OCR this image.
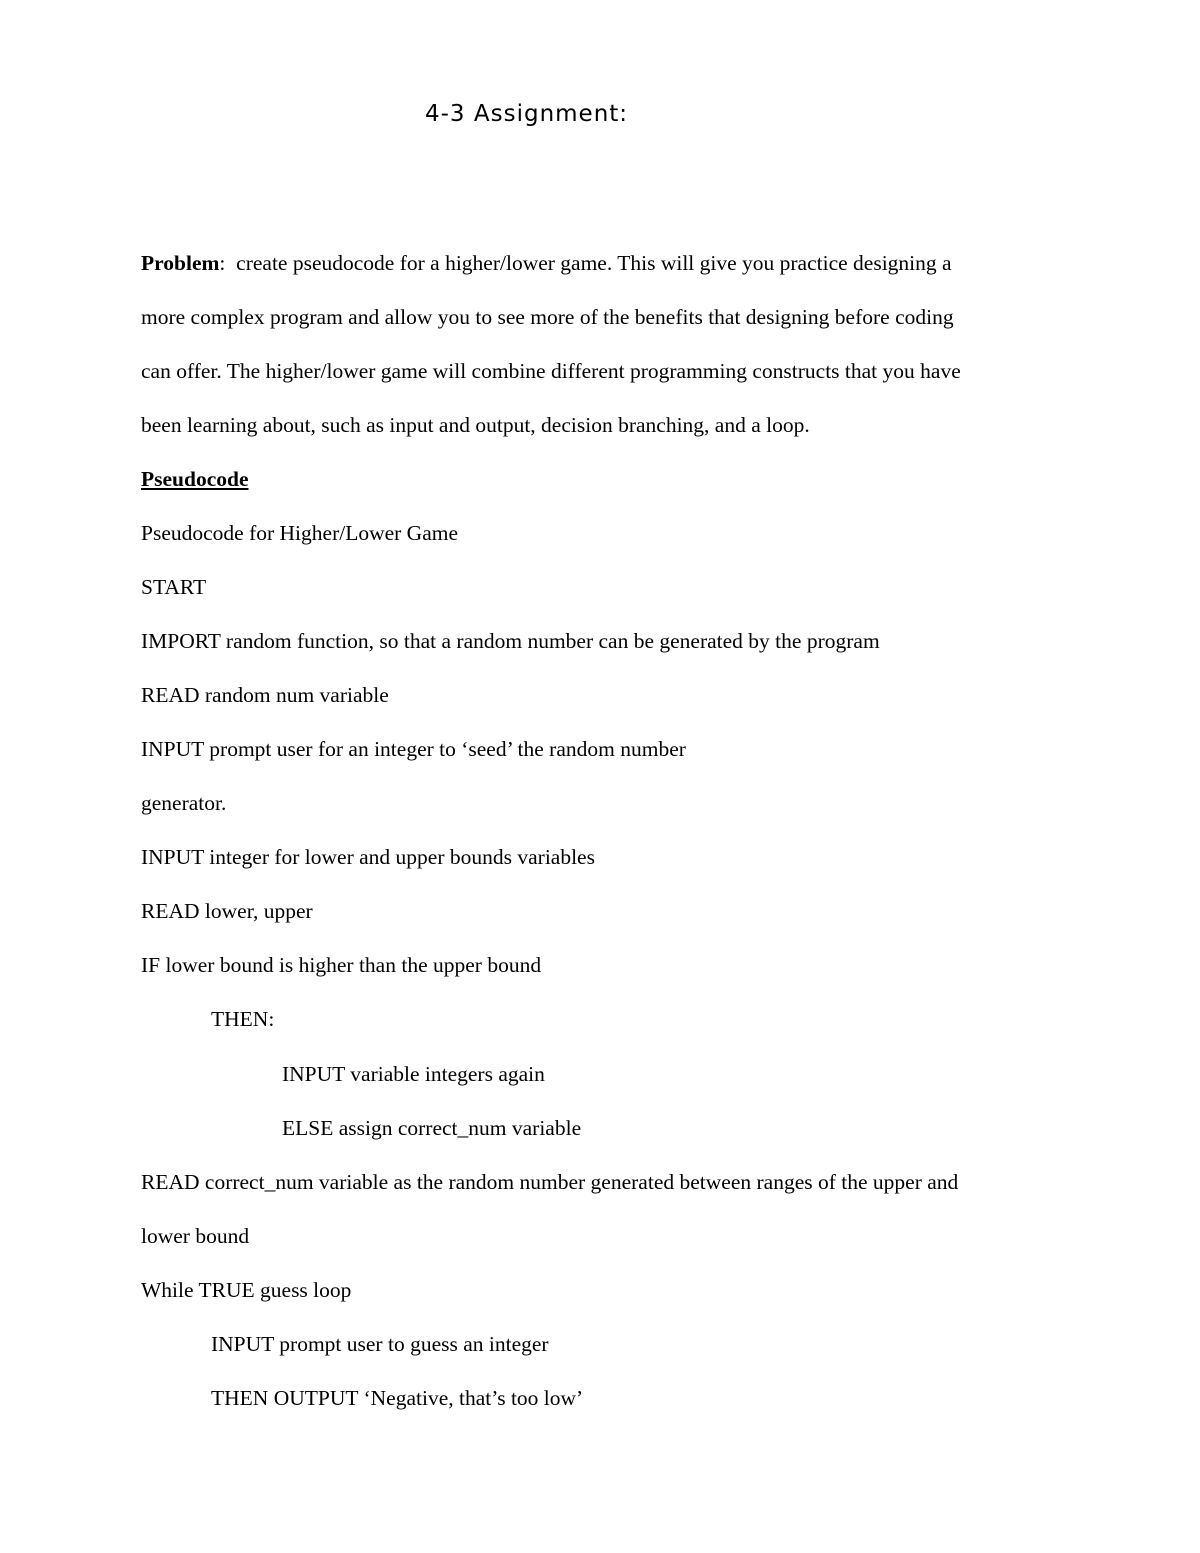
4-3 Assignment:
Problem: create pseudocode for a higher/lower game. This will give you practice designing a
more complex program and allow you to see more of the benefits that designing before coding
can offer. The higher/lower game will combine different programming constructs that you have
been learning about, such as input and output, decision branching, and a loop.
Pseudocode
Pseudocode for Higher/Lower Game
START
IMPORT random function, so that a random number can be generated by the program
READ random num variable
INPUT prompt user for an integer to ‘seed’ the random number
generator.
INPUT integer for lower and upper bounds variables
READ lower, upper
IF lower bound is higher than the upper bound
THEN:
INPUT variable integers again
ELSE assign correct_num variable
READ correct_num variable as the random number generated between ranges of the upper and
lower bound
While TRUE guess loop
INPUT prompt user to guess an integer
THEN OUTPUT ‘Negative, that’s too low’
